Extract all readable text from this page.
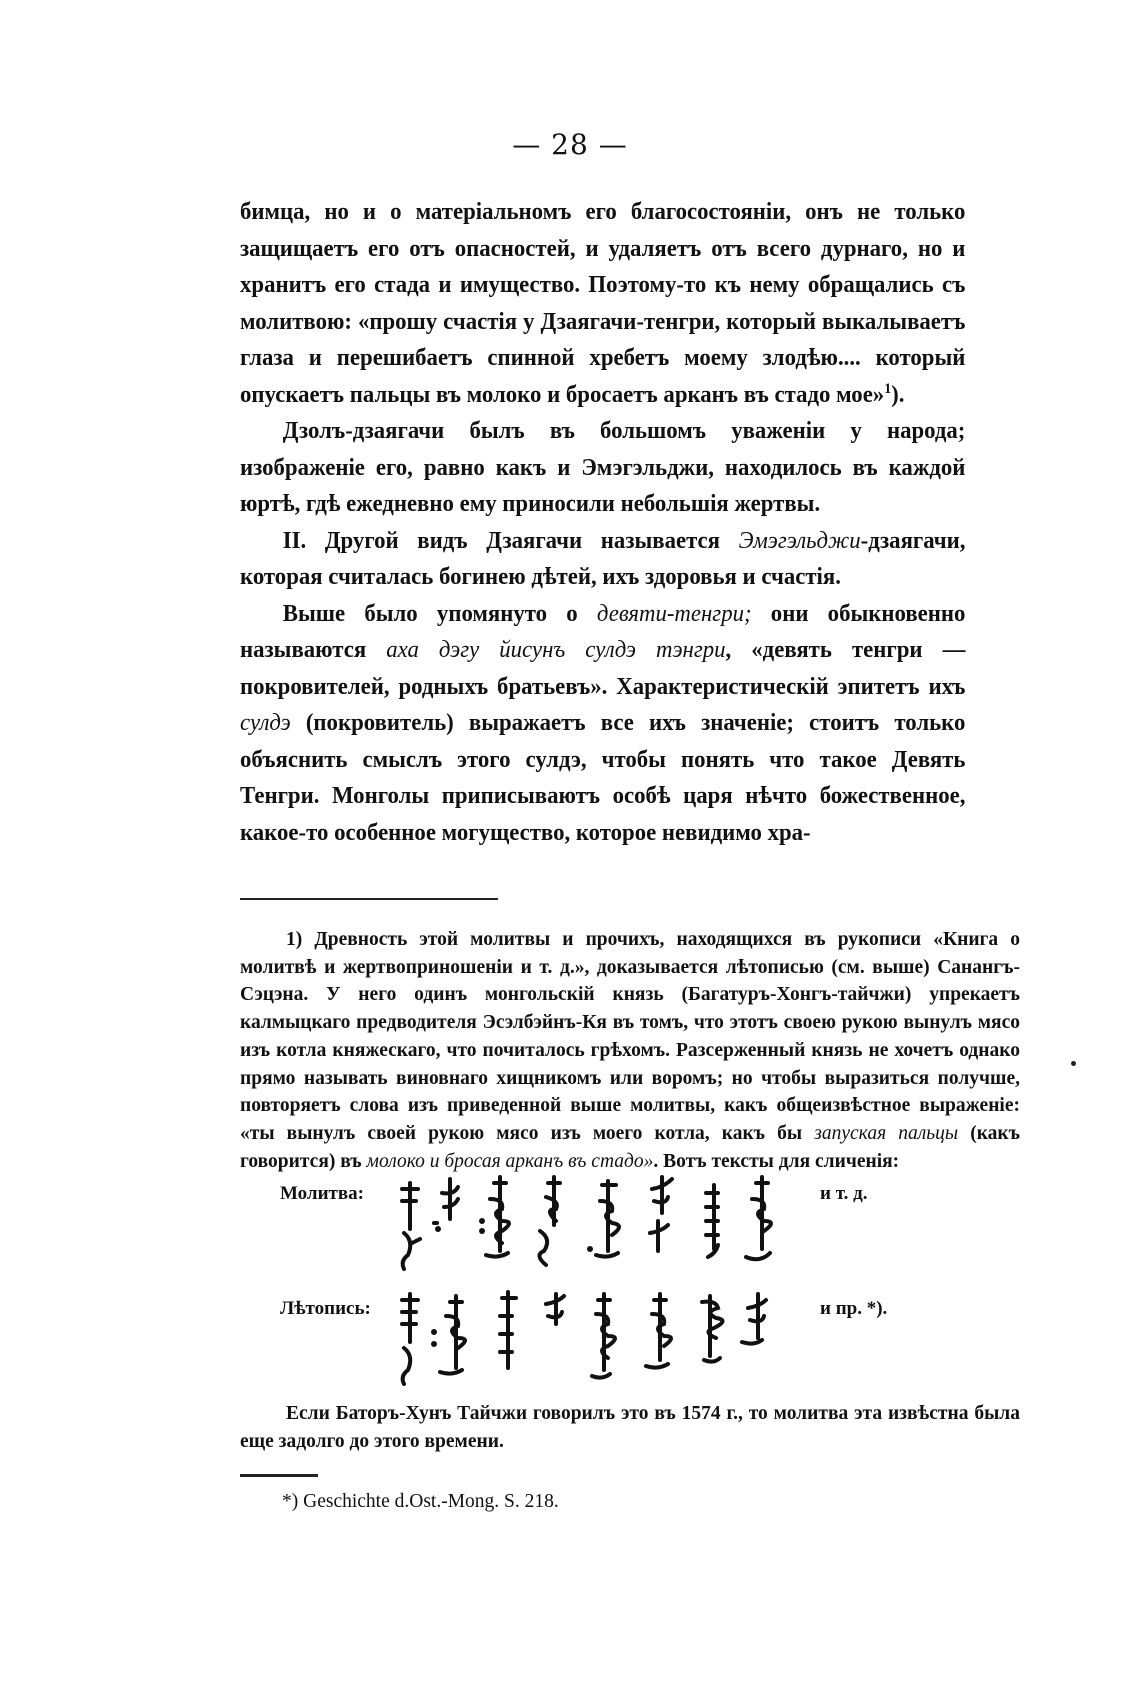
— 28 —

бимца, но и о матеріальномъ его благосостояніи, онъ не только защищаетъ его отъ опасностей, и удаляетъ отъ всего дурнаго, но и хранитъ его стада и имущество. Поэтому-то къ нему обращались съ молитвою: «прошу счастія у Дзаягачи-тенгри, который выкалываетъ глаза и перешибаетъ спинной хребетъ моему злодѣю.... который опускаетъ пальцы въ молоко и бросаетъ арканъ въ стадо мое»$^1$).

Дзолъ-дзаягачи былъ въ большомъ уваженіи у народа; изображеніе его, равно какъ и Эмэгэльджи, находилось въ каждой юртѣ, гдѣ ежедневно ему приносили небольшія жертвы.

II. Другой видъ Дзаягачи называется Эмэгэльджи-дзаягачи, которая считалась богинею дѣтей, ихъ здоровья и счастія.

Выше было упомянуто о девяти-тенгри; они обыкновенно называются аха дэгу йисунъ сулдэ тэнгри, «девять тенгри — покровителей, родныхъ братьевъ». Характеристическій эпитетъ ихъ сулдэ (покровитель) выражаетъ все ихъ значеніе; стоитъ только объяснить смыслъ этого сулдэ, чтобы понять что такое Девять Тенгри. Монголы приписываютъ особѣ царя нѣчто божественное, какое-то особенное могущество, которое невидимо хра-

1) Древность этой молитвы и прочихъ, находящихся въ рукописи «Книга о молитвѣ и жертвоприношеніи и т. д.», доказывается лѣтописью (см. выше) Санангъ-Сэцэна. У него одинъ монгольскій князь (Багатуръ-Хонгъ-тайчжи) упрекаетъ калмыцкаго предводителя Эсэлбэйнъ-Кя въ томъ, что этотъ своею рукою вынулъ мясо изъ котла княжескаго, что почиталось грѣхомъ. Разсерженный князь не хочетъ однако прямо называть виновнаго хищникомъ или воромъ; но чтобы выразиться получше, повторяетъ слова изъ приведенной выше молитвы, какъ общеизвѣстное выраженіе: «ты вынулъ своей рукою мясо изъ моего котла, какъ бы запуская пальцы (какъ говорится) въ молоко и бросая арканъ въ стадо». Вотъ тексты для сличенія:

Молитва:	и т. д.
Лѣтопись:	и пр. *).

Если Баторъ-Хунъ Тайчжи говорилъ это въ 1574 г., то молитва эта извѣстна была еще задолго до этого времени.

*) Geschichte d.Ost.-Mong. S. 218.
